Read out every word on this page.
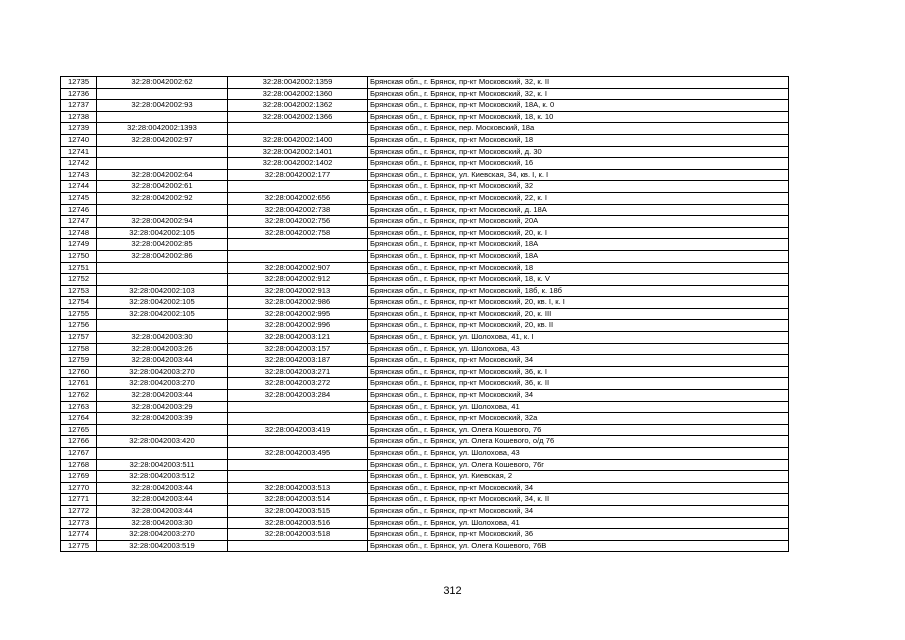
12735	32:28:0042002:62	32:28:0042002:1359	Брянская обл., г. Брянск, пр-кт Московский, 32, к. II
12736		32:28:0042002:1360	Брянская обл., г. Брянск, пр-кт Московский, 32, к. I
12737	32:28:0042002:93	32:28:0042002:1362	Брянская обл., г. Брянск, пр-кт Московский, 18А, к. 0
12738		32:28:0042002:1366	Брянская обл., г. Брянск, пр-кт Московский, 18, к. 10
12739	32:28:0042002:1393		Брянская обл., г. Брянск, пер. Московский, 18а
12740	32:28:0042002:97	32:28:0042002:1400	Брянская обл., г. Брянск, пр-кт Московский, 18
12741		32:28:0042002:1401	Брянская обл., г. Брянск, пр-кт Московский, д. 30
12742		32:28:0042002:1402	Брянская обл., г. Брянск, пр-кт Московский, 16
12743	32:28:0042002:64	32:28:0042002:177	Брянская обл., г. Брянск, ул. Киевская, 34, кв. I, к. I
12744	32:28:0042002:61		Брянская обл., г. Брянск, пр-кт Московский, 32
12745	32:28:0042002:92	32:28:0042002:656	Брянская обл., г. Брянск, пр-кт Московский, 22, к. I
12746		32:28:0042002:738	Брянская обл., г. Брянск, пр-кт Московский, д. 18А
12747	32:28:0042002:94	32:28:0042002:756	Брянская обл., г. Брянск, пр-кт Московский, 20А
12748	32:28:0042002:105	32:28:0042002:758	Брянская обл., г. Брянск, пр-кт Московский, 20, к. I
12749	32:28:0042002:85		Брянская обл., г. Брянск, пр-кт Московский, 18А
12750	32:28:0042002:86		Брянская обл., г. Брянск, пр-кт Московский, 18А
12751		32:28:0042002:907	Брянская обл., г. Брянск, пр-кт Московский, 18
12752		32:28:0042002:912	Брянская обл., г. Брянск, пр-кт Московский, 18, к. V
12753	32:28:0042002:103	32:28:0042002:913	Брянская обл., г. Брянск, пр-кт Московский, 18б, к. 18б
12754	32:28:0042002:105	32:28:0042002:986	Брянская обл., г. Брянск, пр-кт Московский, 20, кв. I, к. I
12755	32:28:0042002:105	32:28:0042002:995	Брянская обл., г. Брянск, пр-кт Московский, 20, к. III
12756		32:28:0042002:996	Брянская обл., г. Брянск, пр-кт Московский, 20, кв. II
12757	32:28:0042003:30	32:28:0042003:121	Брянская обл., г. Брянск, ул. Шолохова, 41, к. I
12758	32:28:0042003:26	32:28:0042003:157	Брянская обл., г. Брянск, ул. Шолохова, 43
12759	32:28:0042003:44	32:28:0042003:187	Брянская обл., г. Брянск, пр-кт Московский, 34
12760	32:28:0042003:270	32:28:0042003:271	Брянская обл., г. Брянск, пр-кт Московский, 36, к. I
12761	32:28:0042003:270	32:28:0042003:272	Брянская обл., г. Брянск, пр-кт Московский, 36, к. II
12762	32:28:0042003:44	32:28:0042003:284	Брянская обл., г. Брянск, пр-кт Московский, 34
12763	32:28:0042003:29		Брянская обл., г. Брянск, ул. Шолохова, 41
12764	32:28:0042003:39		Брянская обл., г. Брянск, пр-кт Московский, 32а
12765		32:28:0042003:419	Брянская обл., г. Брянск, ул. Олега Кошевого, 76
12766	32:28:0042003:420		Брянская обл., г. Брянск, ул. Олега Кошевого, о/д 76
12767		32:28:0042003:495	Брянская обл., г. Брянск, ул. Шолохова, 43
12768	32:28:0042003:511		Брянская обл., г. Брянск, ул. Олега Кошевого, 76г
12769	32:28:0042003:512		Брянская обл., г. Брянск, ул. Киевская, 2
12770	32:28:0042003:44	32:28:0042003:513	Брянская обл., г. Брянск, пр-кт Московский, 34
12771	32:28:0042003:44	32:28:0042003:514	Брянская обл., г. Брянск, пр-кт Московский, 34, к. II
12772	32:28:0042003:44	32:28:0042003:515	Брянская обл., г. Брянск, пр-кт Московский, 34
12773	32:28:0042003:30	32:28:0042003:516	Брянская обл., г. Брянск, ул. Шолохова, 41
12774	32:28:0042003:270	32:28:0042003:518	Брянская обл., г. Брянск, пр-кт Московский, 36
12775	32:28:0042003:519		Брянская обл., г. Брянск, ул. Олега Кошевого, 76В
312
